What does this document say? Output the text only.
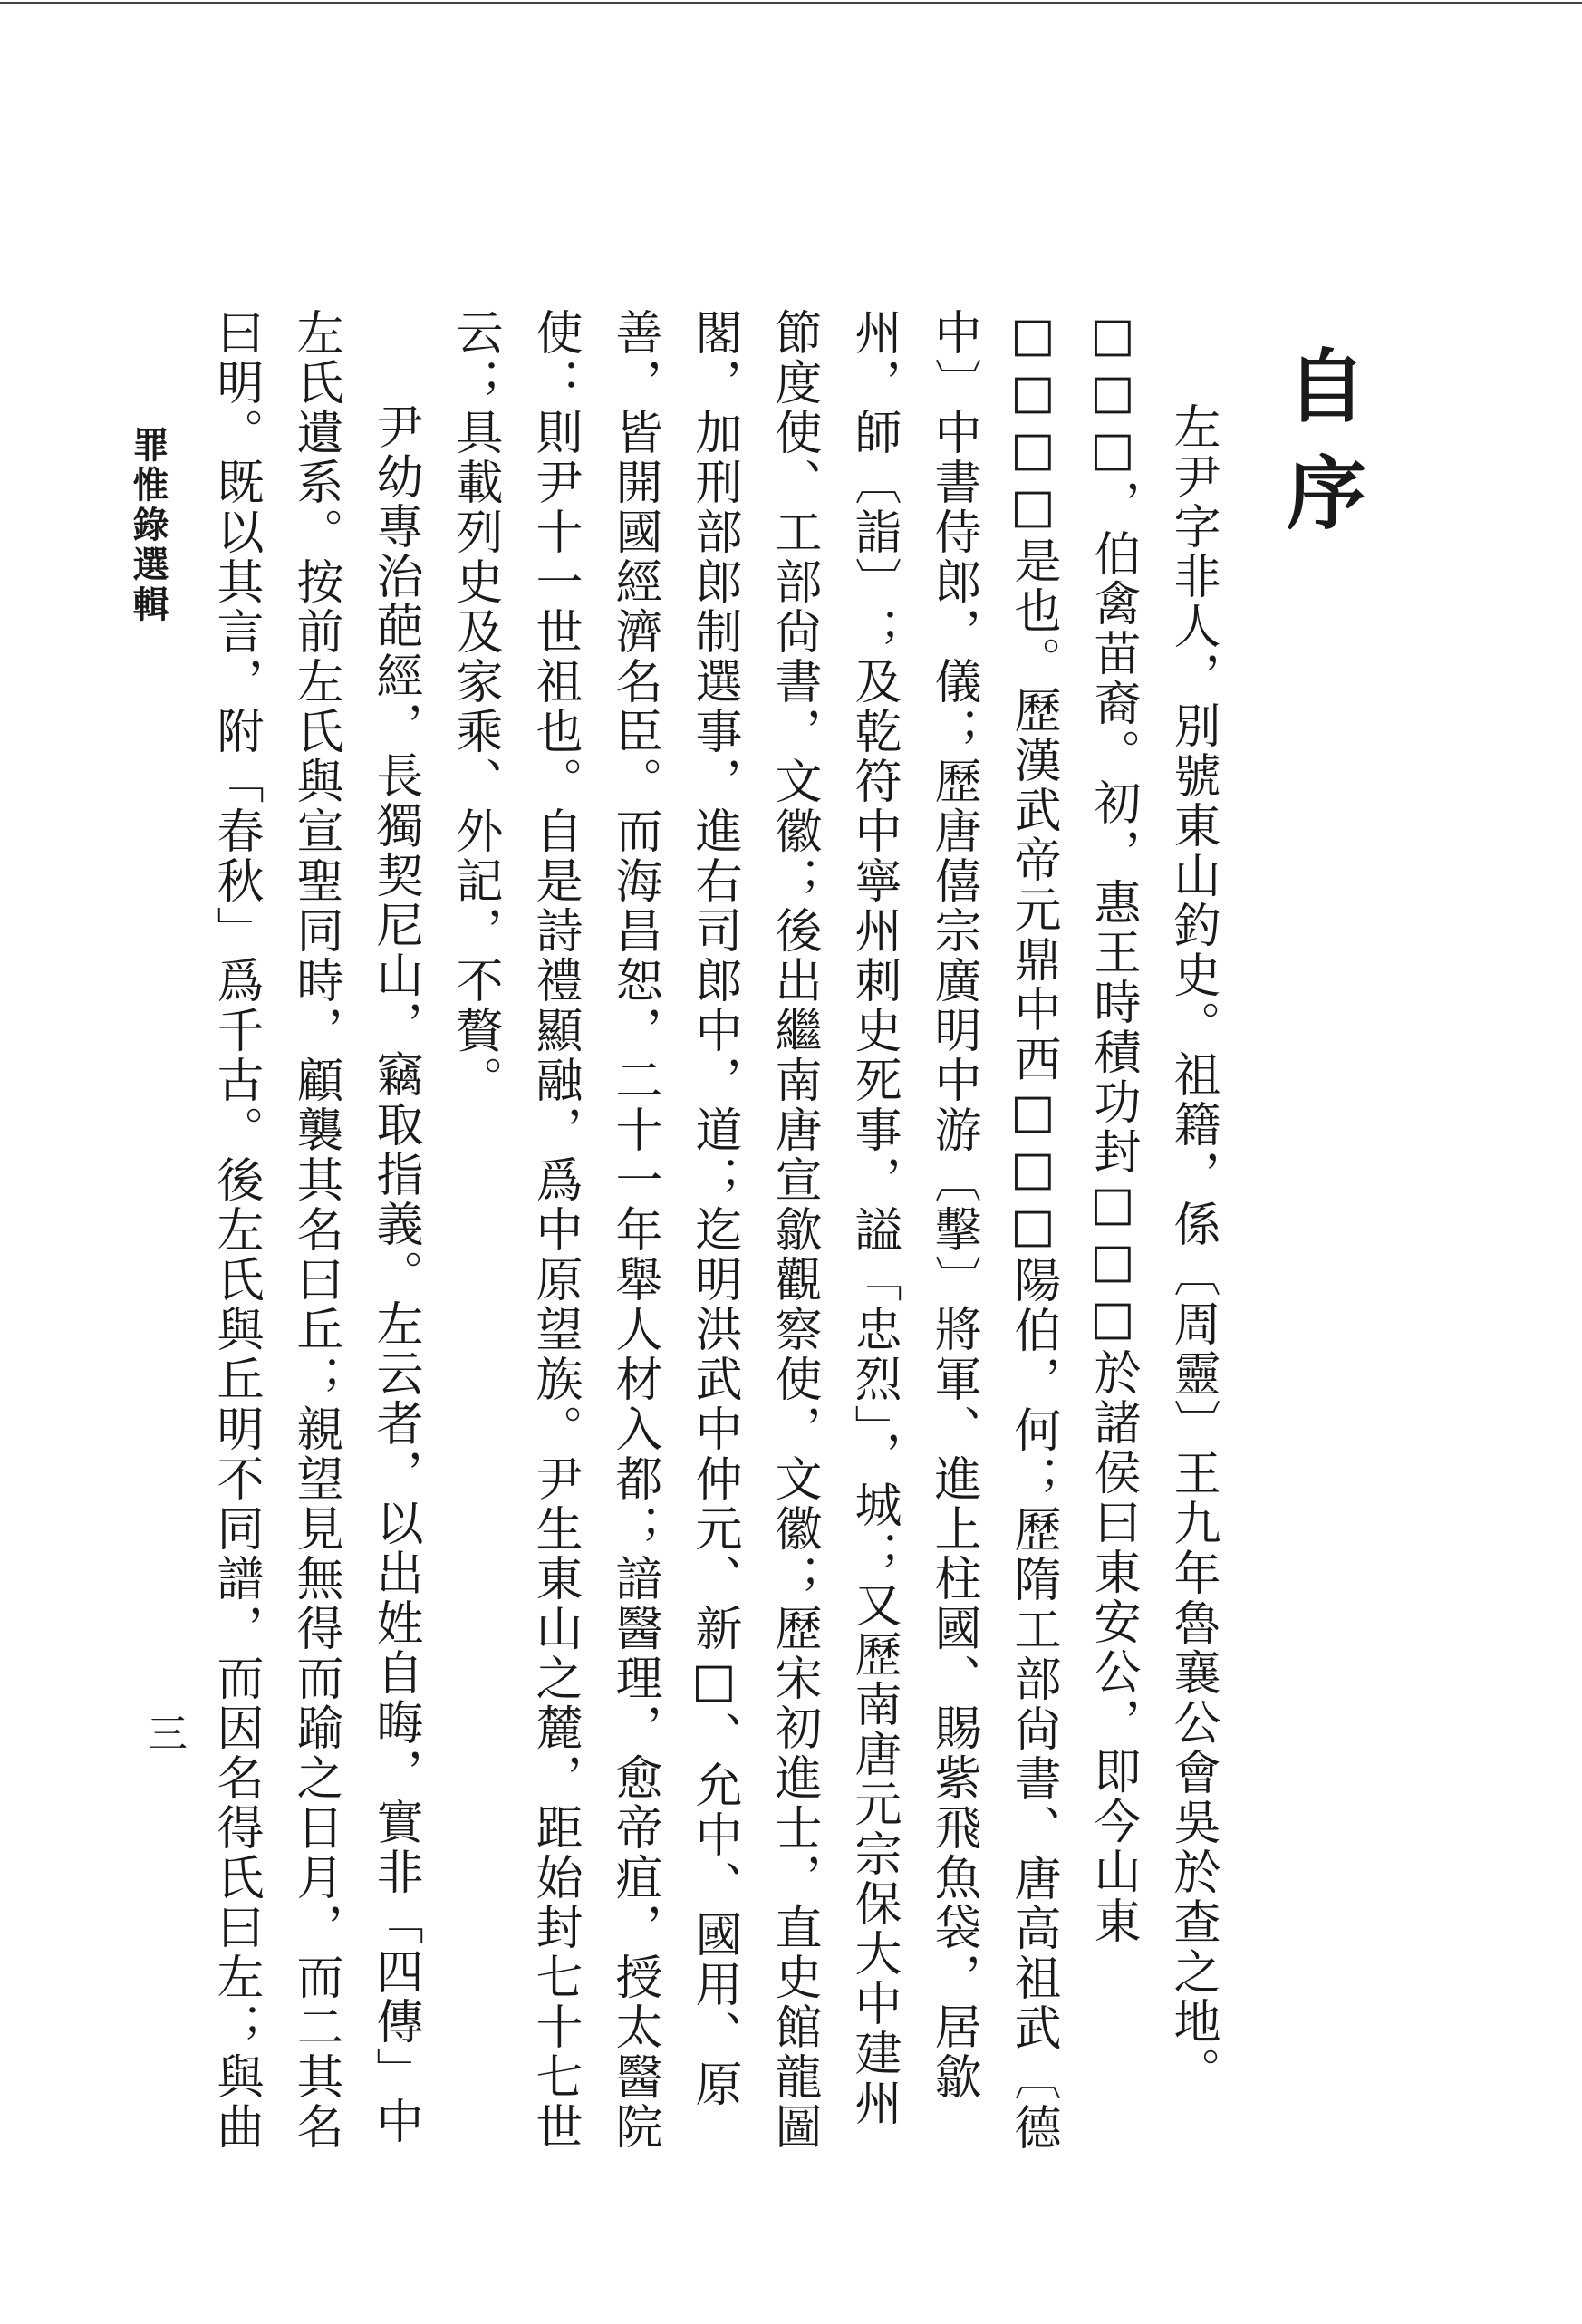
自序

左尹字非人，別號東山釣史。祖籍，係〔周靈〕王九年魯襄公會吳於查之地。□□□，伯禽苗裔。初，惠王時積功封□□□於諸侯曰東安公，即今山東□□□□是也。歷漢武帝元鼎中西□□□陽伯，何；歷隋工部尙書、唐高祖武〔德中〕中書侍郎，儀；歷唐僖宗廣明中游〔擊〕將軍、進上柱國、賜紫飛魚袋，居歙州，師〔詣〕；及乾符中寧州刺史死事，謚「忠烈」，城；又歷南唐元宗保大中建州節度使、工部尙書，文徽；後出繼南唐宣歙觀察使，文徽；歷宋初進士，直史館龍圖閣，加刑部郎制選事，進右司郎中，道；迄明洪武中仲元、新□、允中、國用、原善，皆開國經濟名臣。而海昌恕，二十一年舉人材入都；諳醫理，愈帝疽，授太醫院使：則尹十一世祖也。自是詩禮顯融，爲中原望族。尹生東山之麓，距始封七十七世云；具載列史及家乘、外記，不贅。

尹幼專治葩經，長獨契尼山，竊取指義。左云者，以出姓自晦，實非「四傳」中左氏遺系。按前左氏與宣聖同時，顧襲其名曰丘；親望見無得而踰之日月，而二其名曰明。既以其言，附「春秋」爲千古。後左氏與丘明不同譜，而因名得氏曰左；與曲

罪惟錄選輯
三
